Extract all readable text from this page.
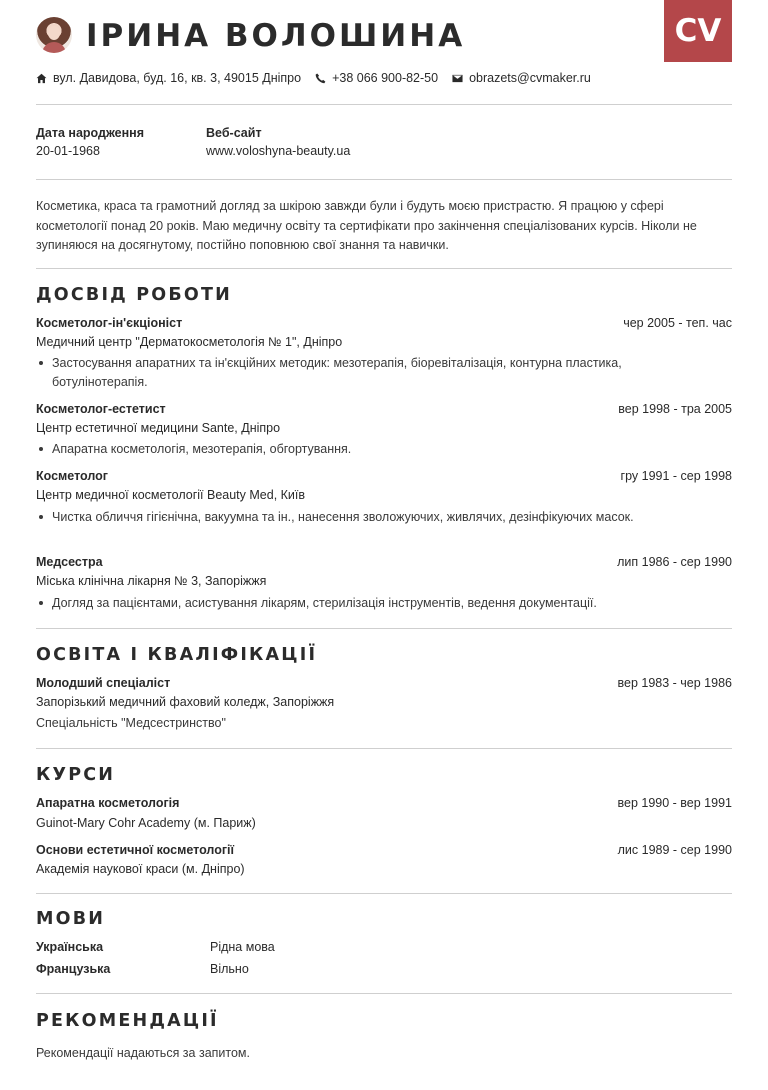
ІРИНА ВОЛОШИНА	CV
вул. Давидова, буд. 16, кв. 3, 49015 Дніпро +38 066 900-82-50 obrazets@cvmaker.ru
Дата народження
20-01-1968
Веб-сайт
www.voloshyna-beauty.ua
Косметика, краса та грамотний догляд за шкірою завжди були і будуть моєю пристрастю. Я працюю у сфері косметології понад 20 років. Маю медичну освіту та сертифікати про закінчення спеціалізованих курсів. Ніколи не зупиняюся на досягнутому, постійно поповнюю свої знання та навички.
ДОСВІД РОБОТИ
Косметолог-ін'єкціоніст	чер 2005 - теп. час
Медичний центр "Дерматокосметологія № 1", Дніпро
Застосування апаратних та ін'єкційних методик: мезотерапія, біоревіталізація, контурна пластика, ботулінотерапія.
Косметолог-естетист	вер 1998 - тра 2005
Центр естетичної медицини Sante, Дніпро
Апаратна косметологія, мезотерапія, обгортування.
Косметолог	гру 1991 - сер 1998
Центр медичної косметології Beauty Med, Київ
Чистка обличчя гігієнічна, вакуумна та ін., нанесення зволожуючих, живлячих, дезінфікуючих масок.
Медсестра	лип 1986 - сер 1990
Міська клінічна лікарня № 3, Запоріжжя
Догляд за пацієнтами, асистування лікарям, стерилізація інструментів, ведення документації.
ОСВІТА І КВАЛІФІКАЦІЇ
Молодший спеціаліст	вер 1983 - чер 1986
Запорізький медичний фаховий коледж, Запоріжжя
Спеціальність "Медсестринство"
КУРСИ
Апаратна косметологія	вер 1990 - вер 1991
Guinot-Mary Cohr Academy (м. Париж)
Основи естетичної косметології	лис 1989 - сер 1990
Академія наукової краси (м. Дніпро)
МОВИ
Українська	Рідна мова
Французька	Вільно
РЕКОМЕНДАЦІЇ
Рекомендації надаються за запитом.
